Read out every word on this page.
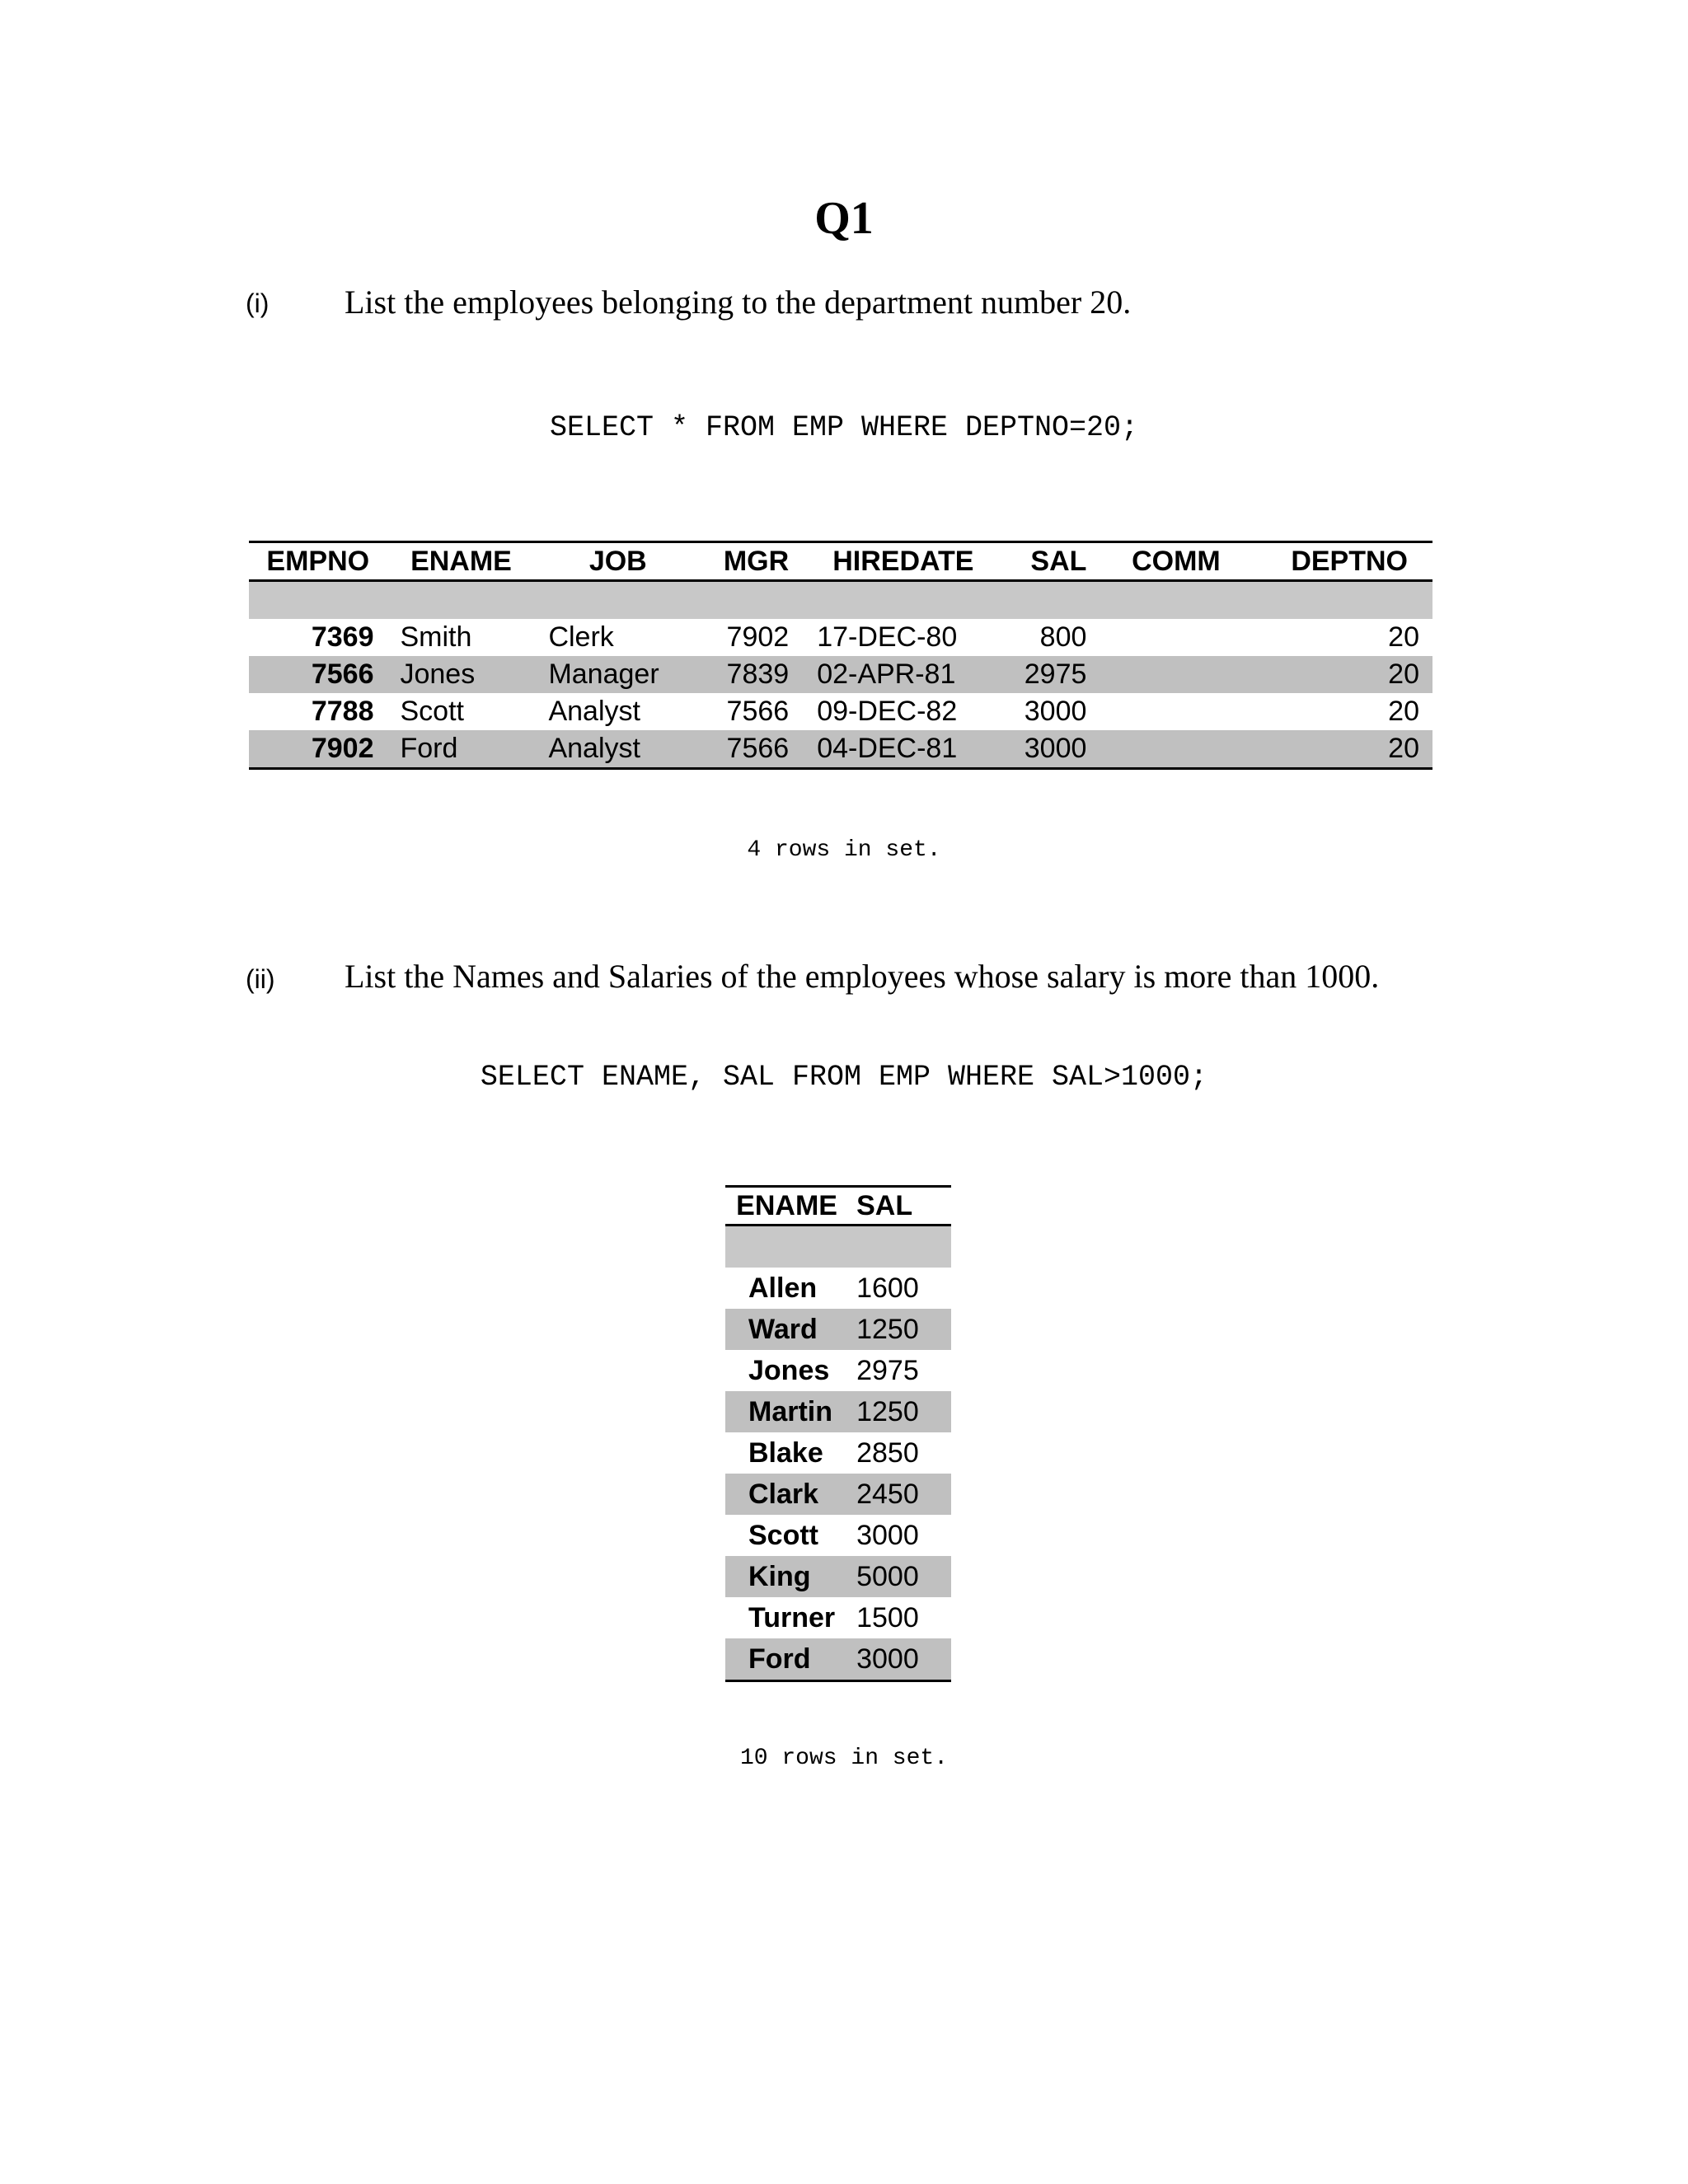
Q1
(i) List the employees belonging to the department number 20.
SELECT * FROM EMP WHERE DEPTNO=20;
EMPNO	ENAME	JOB	MGR	HIREDATE	SAL	COMM	DEPTNO

7369	Smith	Clerk	7902	17-DEC-80	800		20
7566	Jones	Manager	7839	02-APR-81	2975		20
7788	Scott	Analyst	7566	09-DEC-82	3000		20
7902	Ford	Analyst	7566	04-DEC-81	3000		20
4 rows in set.
(ii) List the Names and Salaries of the employees whose salary is more than 1000.
SELECT ENAME, SAL FROM EMP WHERE SAL>1000;
ENAME	SAL

Allen	1600
Ward	1250
Jones	2975
Martin	1250
Blake	2850
Clark	2450
Scott	3000
King	5000
Turner	1500
Ford	3000
10 rows in set.
